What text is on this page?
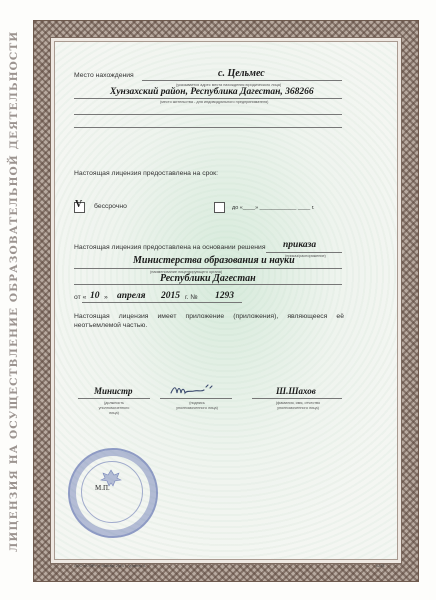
ЛИЦЕНЗИЯ НА ОСУЩЕСТВЛЕНИЕ ОБРАЗОВАТЕЛЬНОЙ ДЕЯТЕЛЬНОСТИ	Место нахождения	с. Цельмес
(указывается адрес места нахождения юридического лица)
Хунзахский район, Республика Дагестан, 368266
(место жительства - для индивидуального предпринимателя)
Настоящая лицензия предоставлена на срок:
V бессрочно	до «____» ____________ ____ г.
Настоящая лицензия предоставлена на основании решения приказа
(приказ/распоряжение)
Министерства образования и науки
(наименование лицензирующего органа)
Республики Дагестан
от « 10 » апреля 2015 г. № 1293
Настоящая лицензия имеет приложение (приложения), являющееся её неотъемлемой частью.
Министр
(должность уполномоченного лица)
(подпись уполномоченного лица)
Ш.Шахов
(фамилия, имя, отчество уполномоченного лица)
М.П.
ООО «КЛЭР», г. Москва, 2014 г., уровень А	A273
